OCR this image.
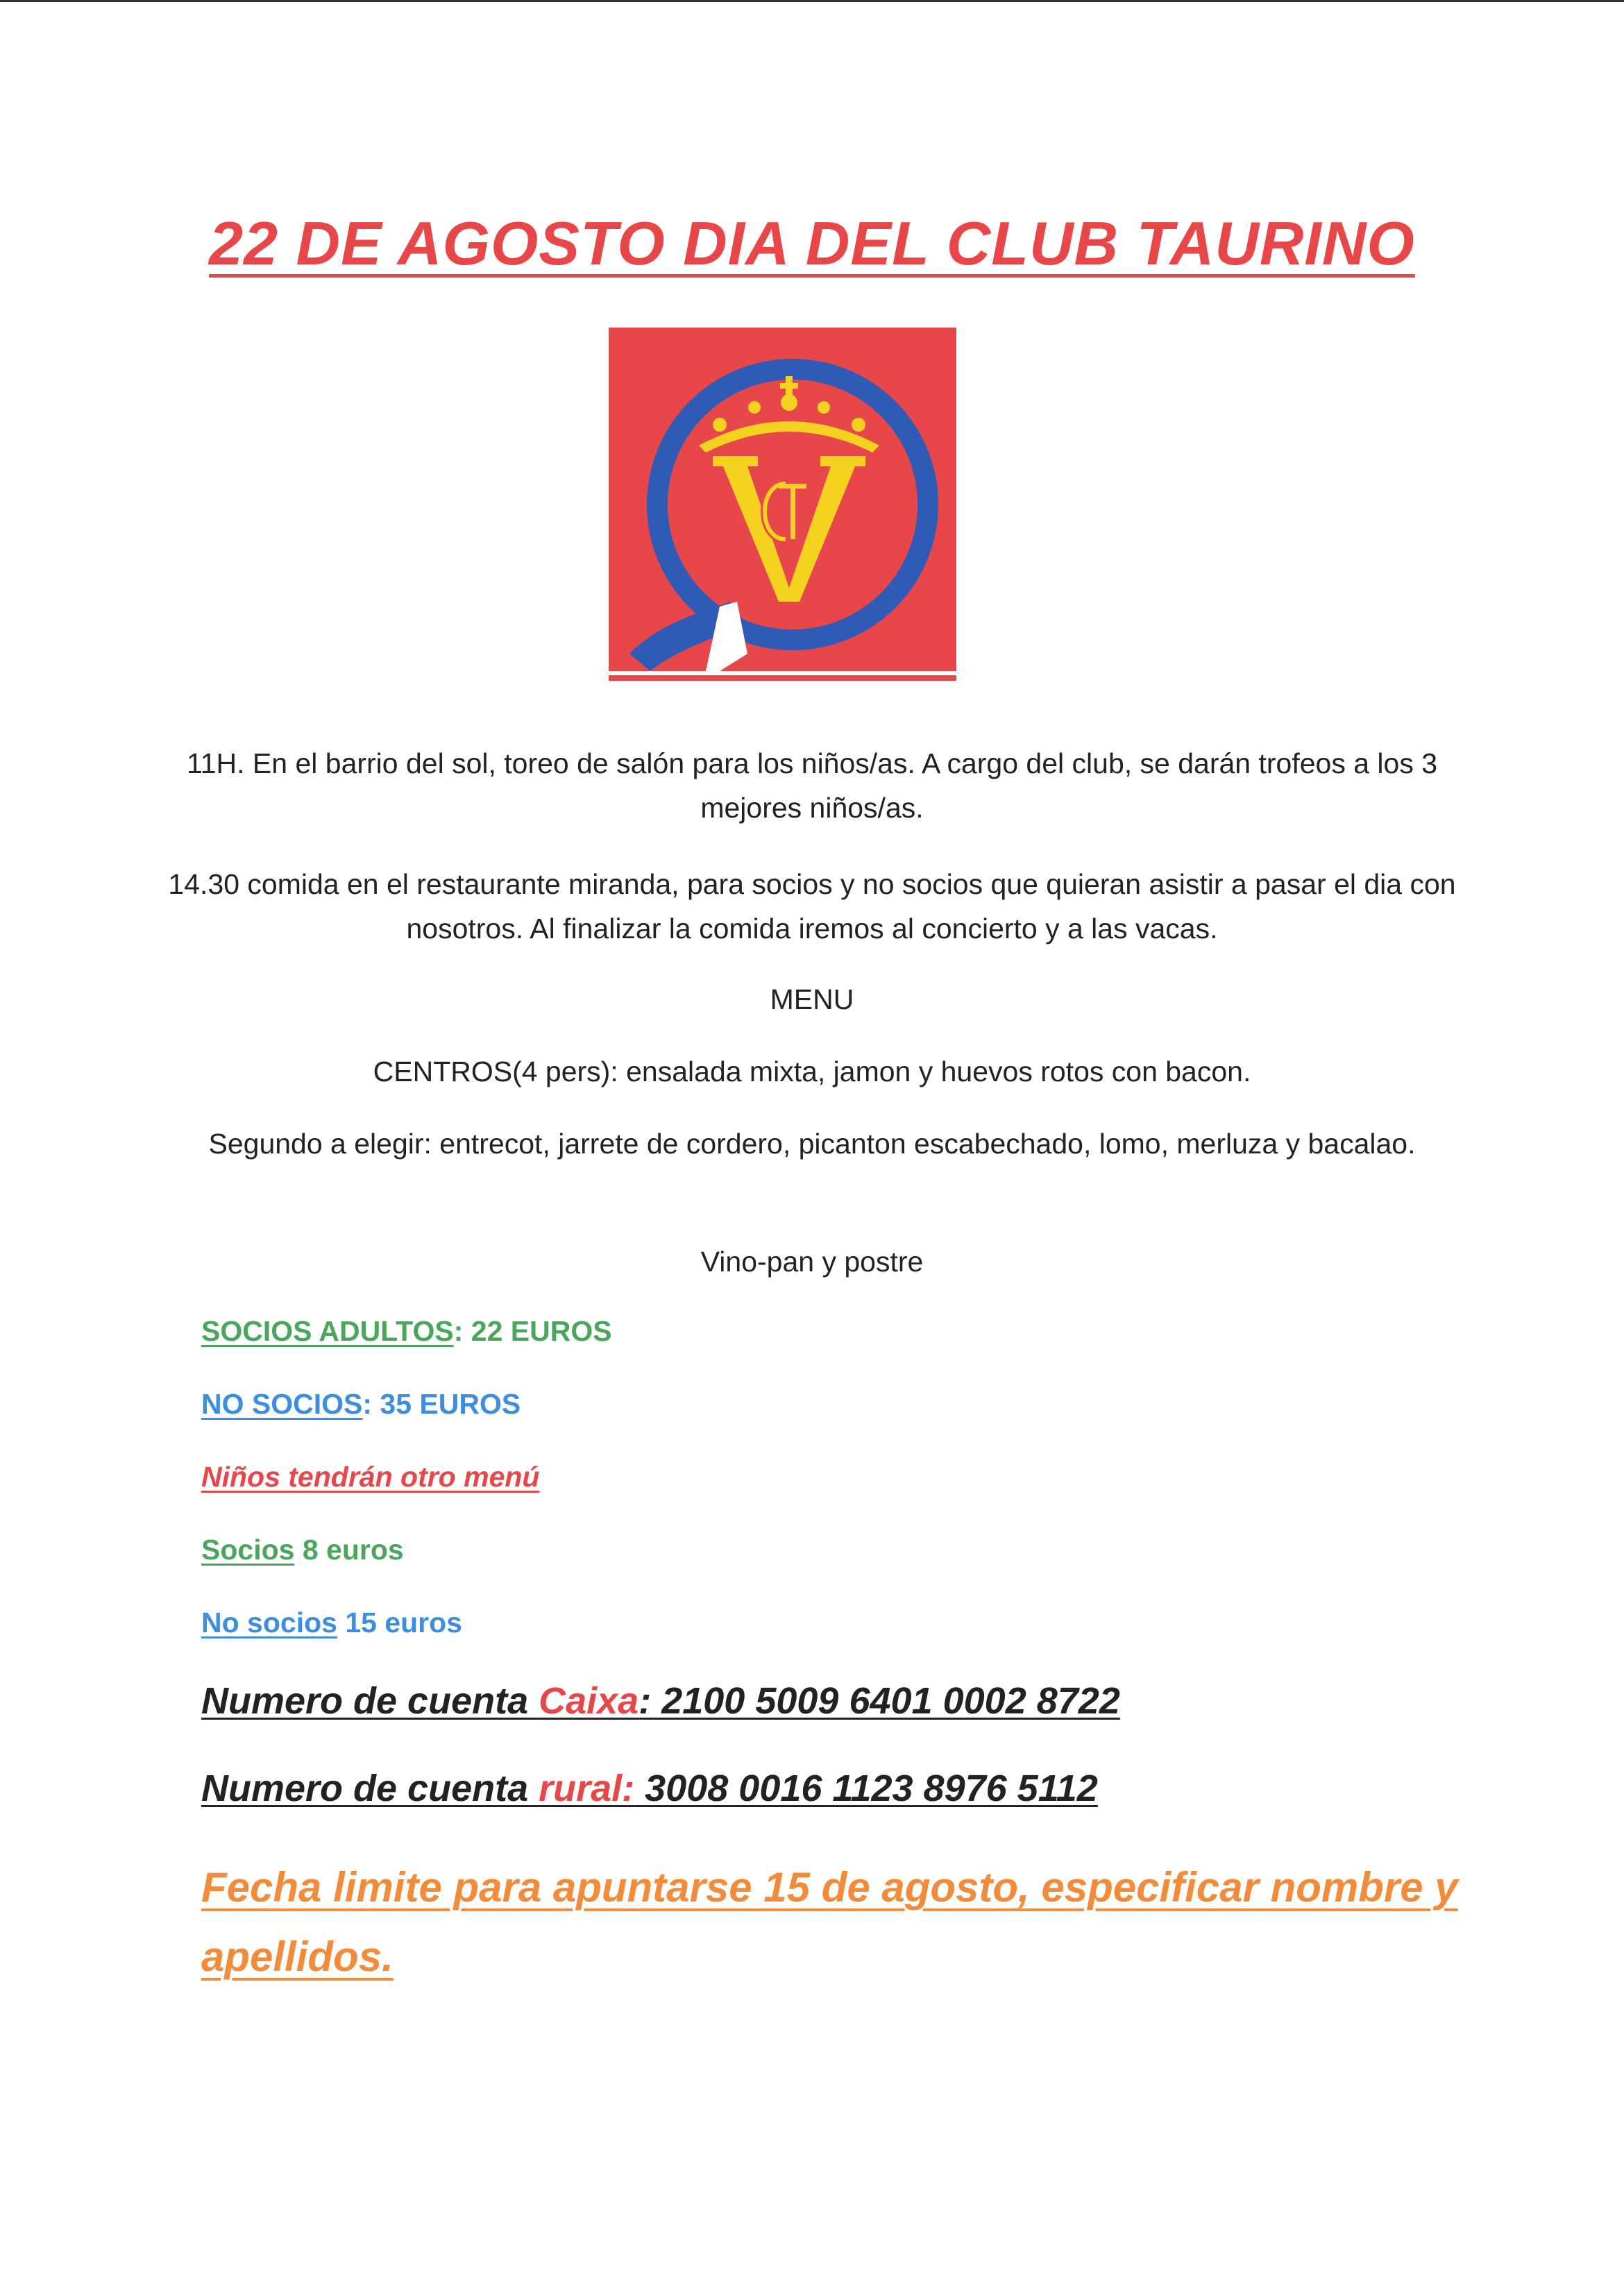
22 DE AGOSTO DIA DEL CLUB TAURINO
11H. En el barrio del sol, toreo de salón para los niños/as. A cargo del club, se darán trofeos a los 3 mejores niños/as.
14.30 comida en el restaurante miranda, para socios y no socios que quieran asistir a pasar el dia con nosotros. Al finalizar la comida iremos al concierto y a las vacas.
MENU
CENTROS(4 pers): ensalada mixta, jamon y huevos rotos con bacon.
Segundo a elegir: entrecot, jarrete de cordero, picanton escabechado, lomo, merluza y bacalao.
Vino-pan y postre
SOCIOS ADULTOS: 22 EUROS
NO SOCIOS: 35 EUROS
Niños tendrán otro menú
Socios 8 euros
No socios 15 euros
Numero de cuenta Caixa: 2100 5009 6401 0002 8722
Numero de cuenta rural: 3008 0016 1123 8976 5112
Fecha limite para apuntarse 15 de agosto, especificar nombre y apellidos.
